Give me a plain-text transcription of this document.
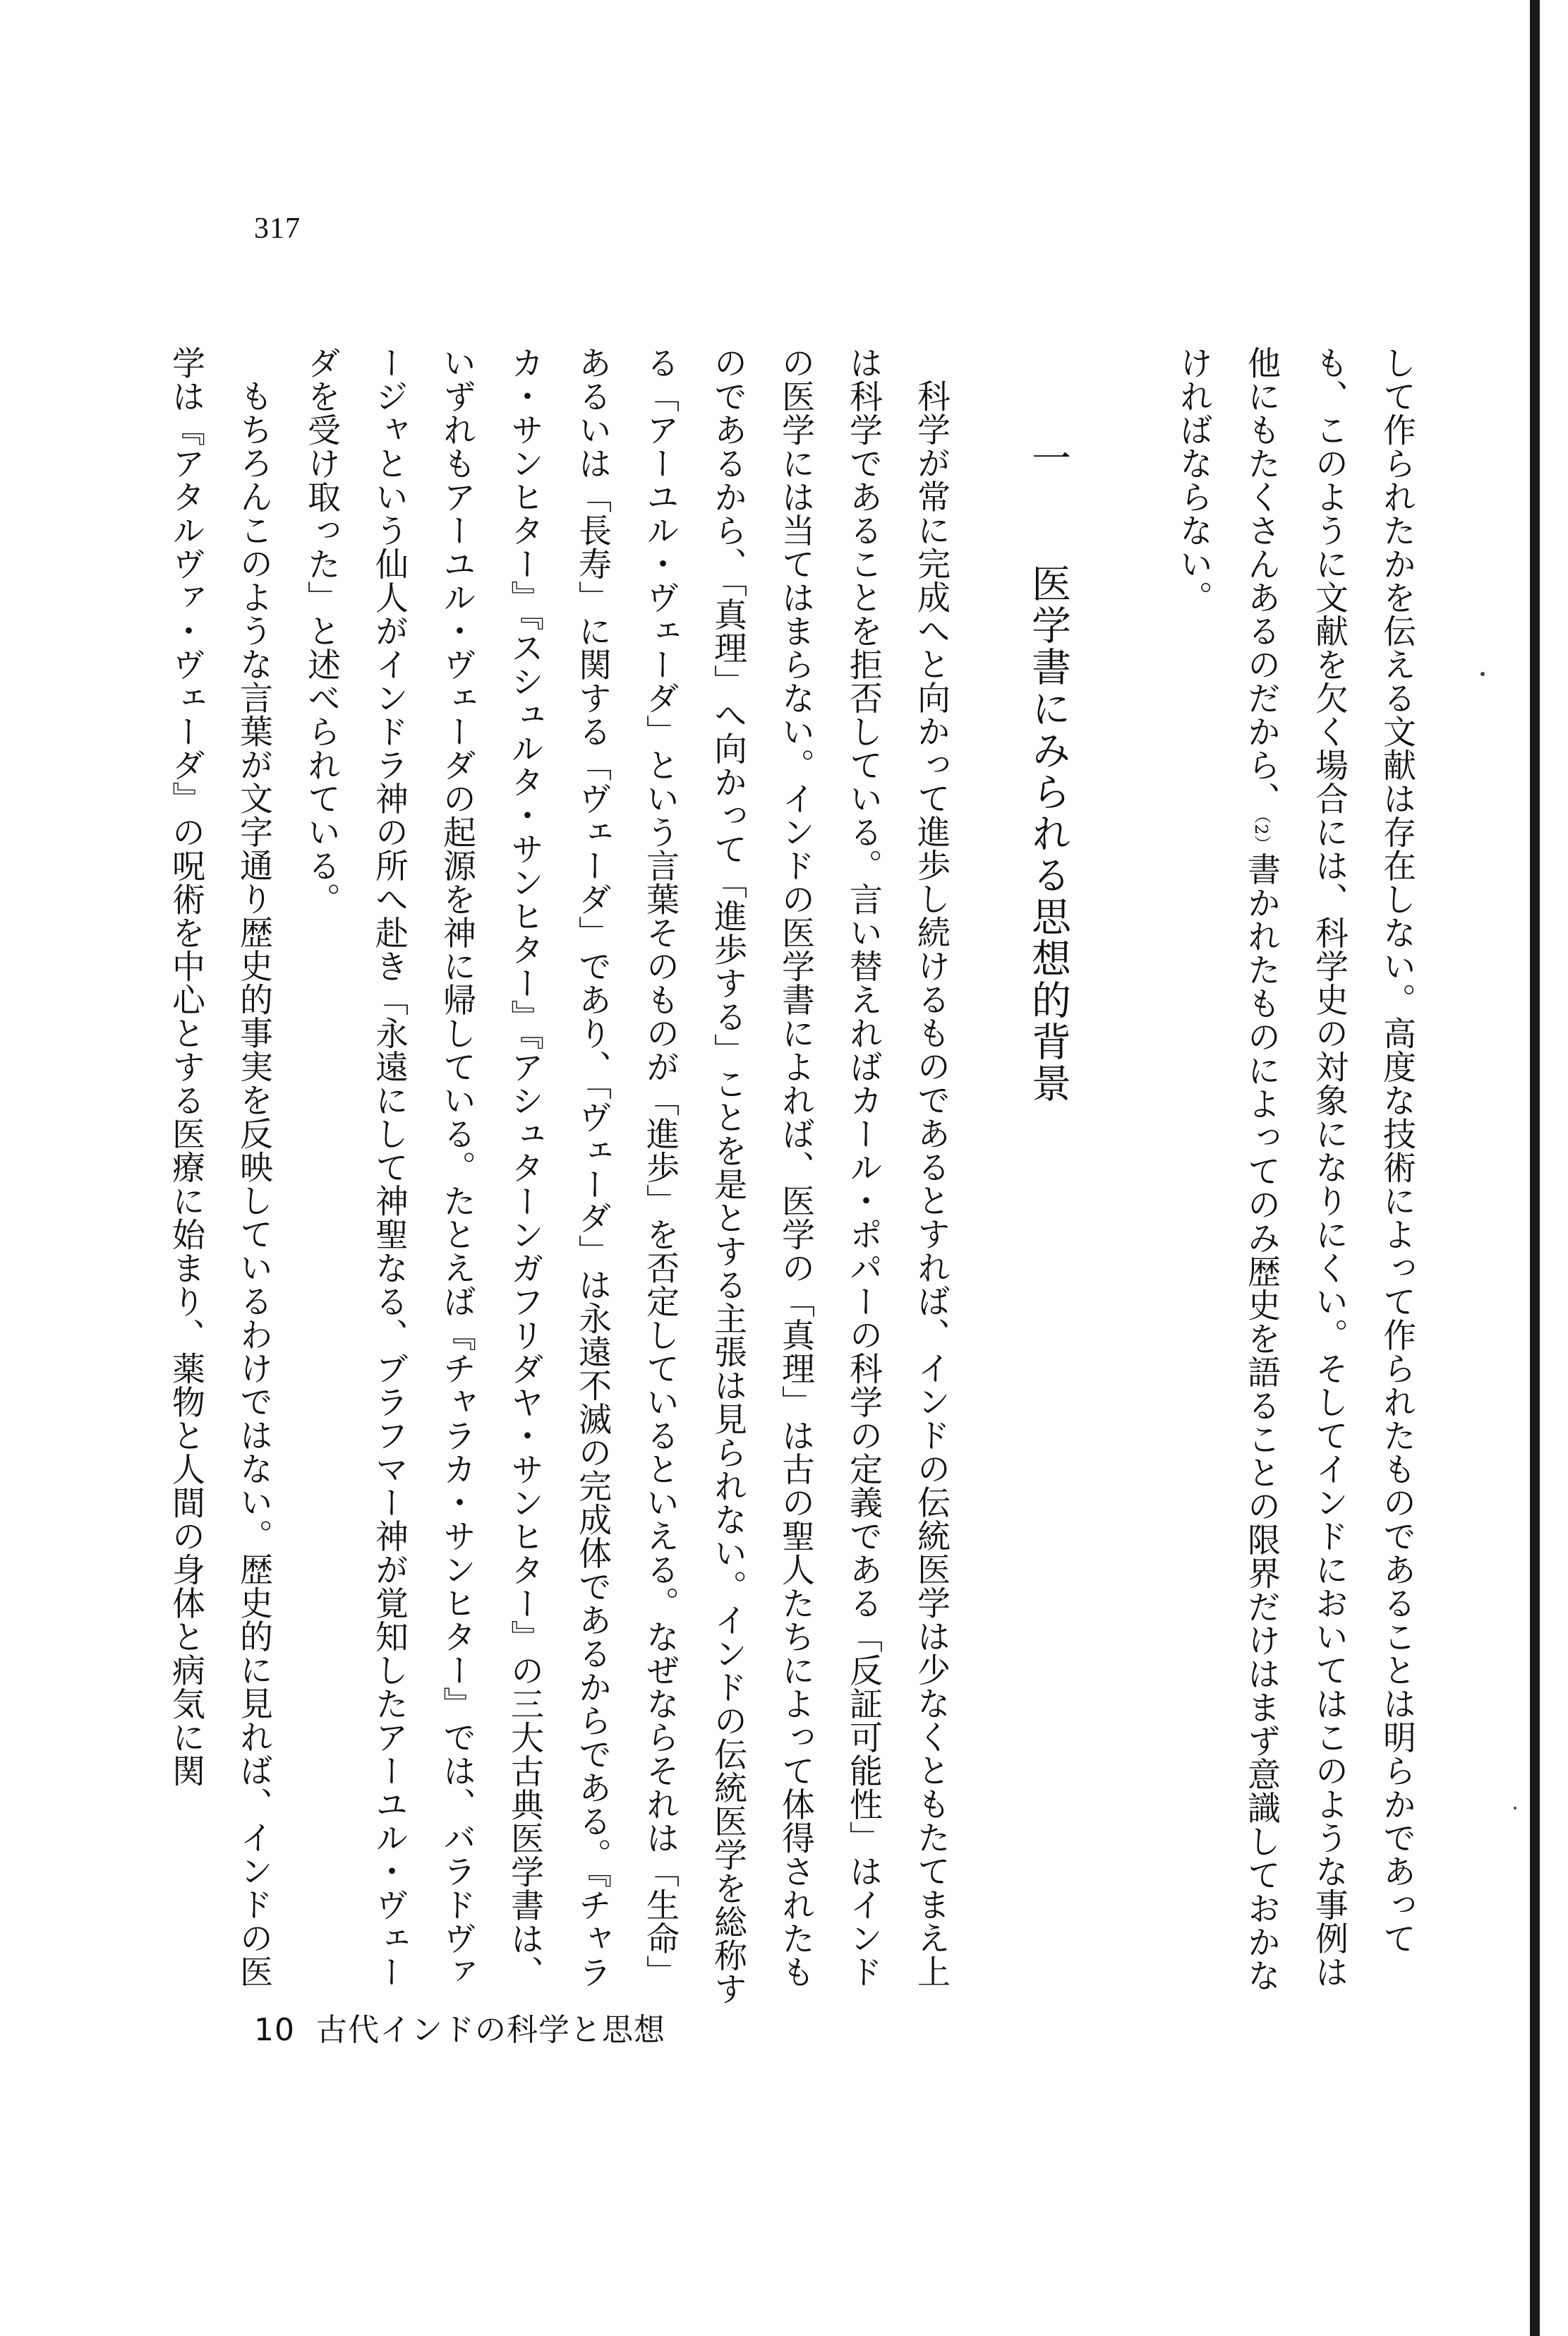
317

して作られたかを伝える文献は存在しない。高度な技術によって作られたものであることは明らかであっても、このように文献を欠く場合には、科学史の対象になりにくい。そしてインドにおいてはこのような事例は他にもたくさんあるのだから、（2）書かれたものによってのみ歴史を語ることの限界だけはまず意識しておかなければならない。

一　医学書にみられる思想的背景

科学が常に完成へと向かって進歩し続けるものであるとすれば、インドの伝統医学は少なくともたてまえ上は科学であることを拒否している。言い替えればカール・ポパーの科学の定義である「反証可能性」はインドの医学には当てはまらない。インドの医学書によれば、医学の「真理」は古の聖人たちによって体得されたものであるから、「真理」へ向かって「進歩する」ことを是とする主張は見られない。インドの伝統医学を総称する「アーユル・ヴェーダ」という言葉そのものが「進歩」を否定しているといえる。なぜならそれは「生命」あるいは「長寿」に関する「ヴェーダ」であり、「ヴェーダ」は永遠不滅の完成体であるからである。『チャラカ・サンヒター』『スシュルタ・サンヒター』『アシュターンガフリダヤ・サンヒター』の三大古典医学書は、いずれもアーユル・ヴェーダの起源を神に帰している。たとえば『チャラカ・サンヒター』では、バラドヴァージャという仙人がインドラ神の所へ赴き「永遠にして神聖なる、ブラフマー神が覚知したアーユル・ヴェーダを受け取った」と述べられている。

もちろんこのような言葉が文字通り歴史的事実を反映しているわけではない。歴史的に見れば、インドの医学は『アタルヴァ・ヴェーダ』の呪術を中心とする医療に始まり、薬物と人間の身体と病気に関

10 古代インドの科学と思想
